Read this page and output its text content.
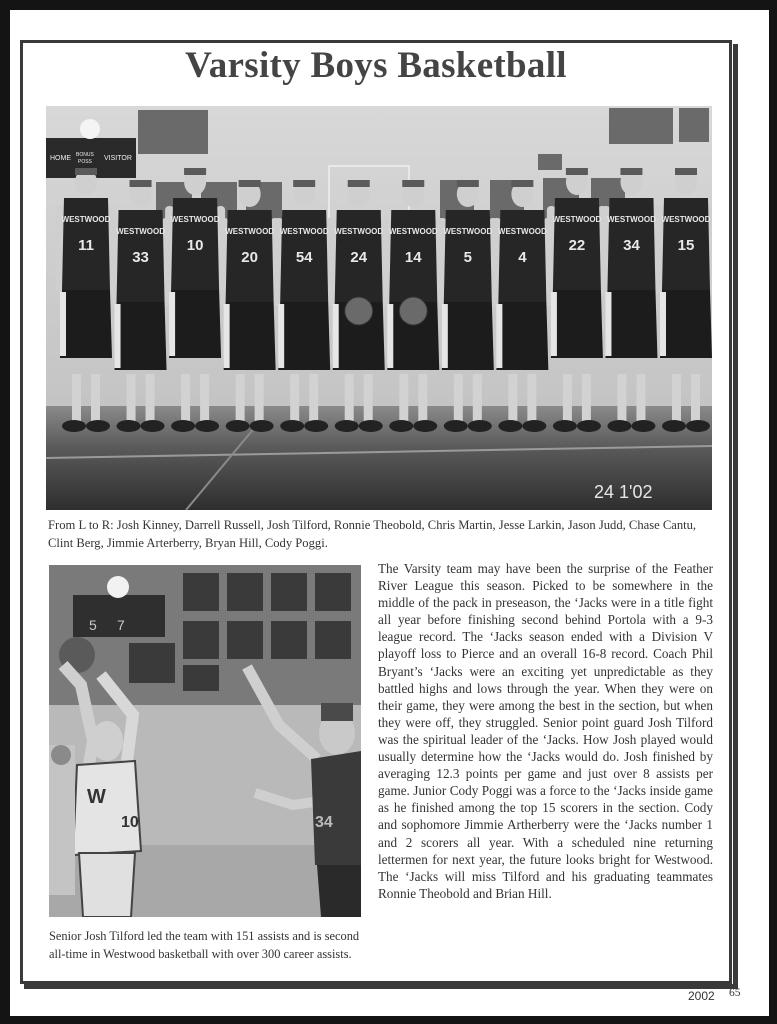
Varsity Boys Basketball
HOME BONUS
POSS VISITOR
WESTWOOD
11
WESTWOOD
33
WESTWOOD
10
WESTWOOD
20
WESTWOOD
54
WESTWOOD
24
WESTWOOD
14
WESTWOOD
5
WESTWOOD
4
WESTWOOD
22
WESTWOOD
34
WESTWOOD
15
24 1'02
From L to R: Josh Kinney, Darrell Russell, Josh Tilford, Ronnie Theobold, Chris Martin, Jesse Larkin, Jason Judd, Chase Cantu, Clint Berg, Jimmie Arterberry, Bryan Hill, Cody Poggi.
5 7
W
10	34
Senior Josh Tilford led the team with 151 assists and is second all-time in Westwood basketball with over 300 career assists.
The Varsity team may have been the surprise of the Feather River League this season. Picked to be somewhere in the middle of the pack in preseason, the ‘Jacks were in a title fight all year before finishing second behind Portola with a 9-3 league record. The ‘Jacks season ended with a Division V playoff loss to Pierce and an overall 16-8 record. Coach Phil Bryant’s ‘Jacks were an exciting yet unpredictable as they battled highs and lows through the year. When they were on their game, they were among the best in the section, but when they were off, they struggled. Senior point guard Josh Tilford was the spiritual leader of the ‘Jacks. How Josh played would usually determine how the ‘Jacks would do. Josh finished by averaging 12.3 points per game and just over 8 assists per game. Junior Cody Poggi was a force to the ‘Jacks inside game as he finished among the top 15 scorers in the section. Cody and sophomore Jimmie Artherberry were the ‘Jacks number 1 and 2 scorers all year. With a scheduled nine returning lettermen for next year, the future looks bright for Westwood. The ‘Jacks will miss Tilford and his graduating teammates Ronnie Theobold and Brian Hill.
2002 65
